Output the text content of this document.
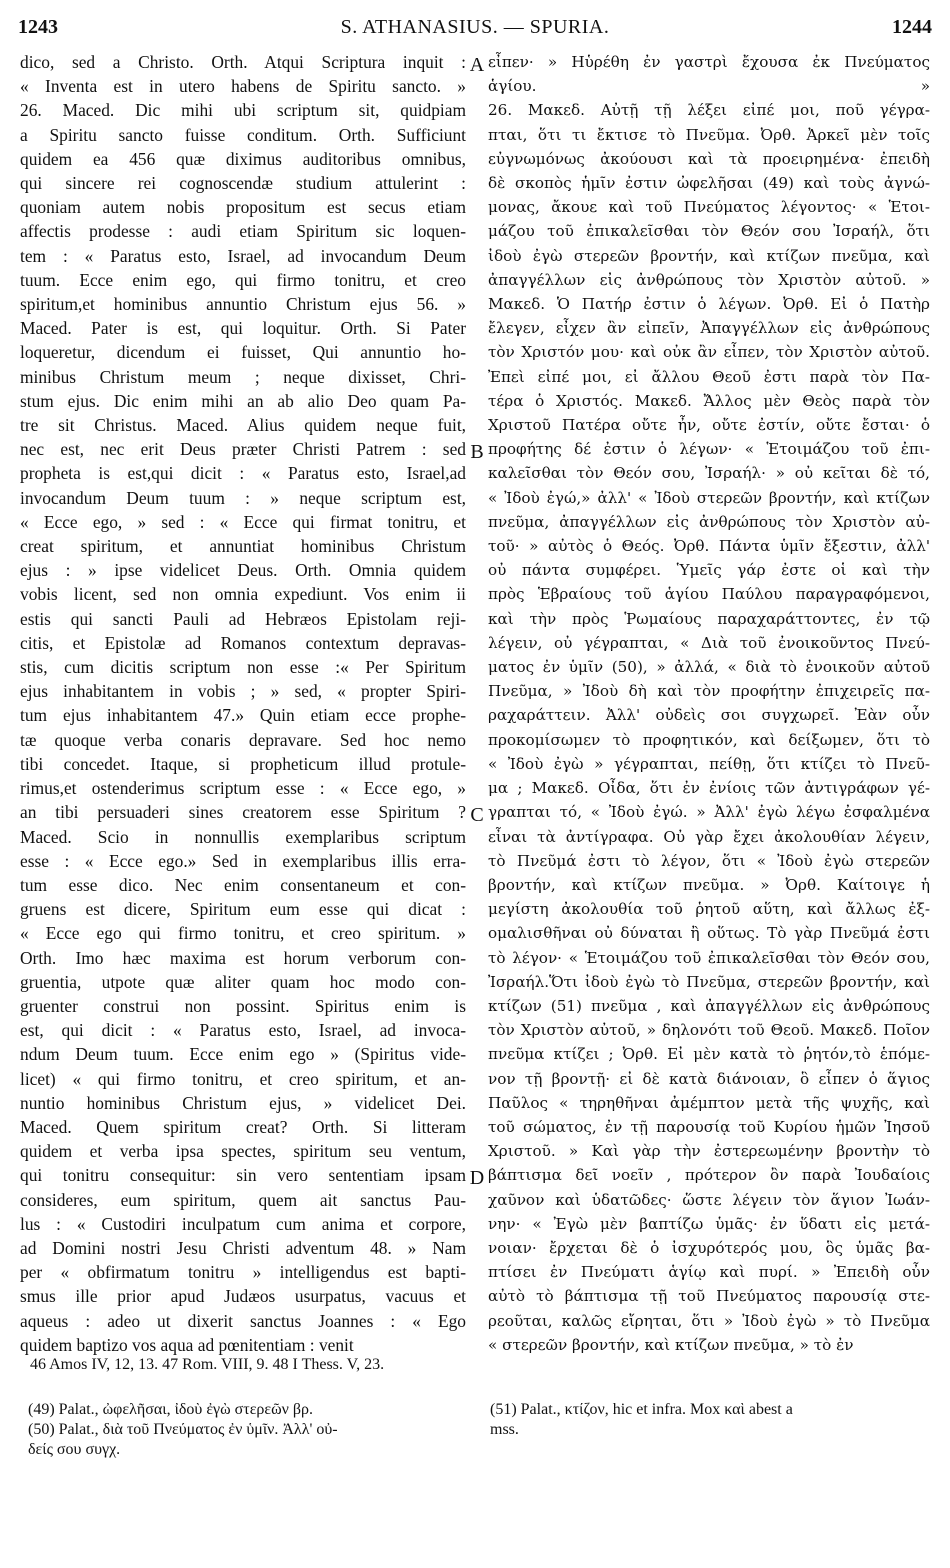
1243	S. ATHANASIUS. — SPURIA.	1244
dico, sed a Christo. Orth. Atqui Scriptura inquit :
« Inventa est in utero habens de Spiritu sancto. »
26. Maced. Dic mihi ubi scriptum sit, quidpiam
a Spiritu sancto fuisse conditum. Orth. Sufficiunt
quidem ea 456 quæ diximus auditoribus omnibus,
qui sincere rei cognoscendæ studium attulerint :
quoniam autem nobis propositum est secus etiam
affectis prodesse : audi etiam Spiritum sic loquen-
tem : « Paratus esto, Israel, ad invocandum Deum
tuum. Ecce enim ego, qui firmo tonitru, et creo
spiritum,et hominibus annuntio Christum ejus 56. »
Maced. Pater is est, qui loquitur. Orth. Si Pater
loqueretur, dicendum ei fuisset, Qui annuntio ho-
minibus Christum meum ; neque dixisset, Chri-
stum ejus. Dic enim mihi an ab alio Deo quam Pa-
tre sit Christus. Maced. Alius quidem neque fuit,
nec est, nec erit Deus præter Christi Patrem : sed
propheta is est,qui dicit : « Paratus esto, Israel,ad
invocandum Deum tuum : » neque scriptum est,
« Ecce ego, » sed : « Ecce qui firmat tonitru, et
creat spiritum, et annuntiat hominibus Christum
ejus : » ipse videlicet Deus. Orth. Omnia quidem
vobis licent, sed non omnia expediunt. Vos enim ii
estis qui sancti Pauli ad Hebræos Epistolam reji-
citis, et Epistolæ ad Romanos contextum depravas-
stis, cum dicitis scriptum non esse :« Per Spiritum
ejus inhabitantem in vobis ; » sed, « propter Spiri-
tum ejus inhabitantem 47.» Quin etiam ecce prophe-
tæ quoque verba conaris depravare. Sed hoc nemo
tibi concedet. Itaque, si propheticum illud protule-
rimus,et ostenderimus scriptum esse : « Ecce ego, »
an tibi persuaderi sines creatorem esse Spiritum ?
Maced. Scio in nonnullis exemplaribus scriptum
esse : « Ecce ego.» Sed in exemplaribus illis erra-
tum esse dico. Nec enim consentaneum et con-
gruens est dicere, Spiritum eum esse qui dicat :
« Ecce ego qui firmo tonitru, et creo spiritum. »
Orth. Imo hæc maxima est horum verborum con-
gruentia, utpote quæ aliter quam hoc modo con-
gruenter construi non possint. Spiritus enim is
est, qui dicit : « Paratus esto, Israel, ad invoca-
ndum Deum tuum. Ecce enim ego » (Spiritus vide-
licet) « qui firmo tonitru, et creo spiritum, et an-
nuntio hominibus Christum ejus, » videlicet Dei.
Maced. Quem spiritum creat? Orth. Si litteram
quidem et verba ipsa spectes, spiritum seu ventum,
qui tonitru consequitur: sin vero sententiam ipsam
consideres, eum spiritum, quem ait sanctus Pau-
lus : « Custodiri inculpatum cum anima et corpore,
ad Domini nostri Jesu Christi adventum 48. » Nam
per « obfirmatum tonitru » intelligendus est bapti-
smus ille prior apud Judæos usurpatus, vacuus et
aqueus : adeo ut dixerit sanctus Joannes : « Ego
quidem baptizo vos aqua ad pœnitentiam : venit
A
B
C
D
εἶπεν· » Ηὑρέθη ἐν γαστρὶ ἔχουσα ἐκ Πνεύματος
ἁγίου. »
26. Μακεδ. Αὐτῇ τῇ λέξει εἰπέ μοι, ποῦ γέγρα-
πται, ὅτι τι ἔκτισε τὸ Πνεῦμα. Ὀρθ. Ἀρκεῖ μὲν τοῖς
εὐγνωμόνως ἀκούουσι καὶ τὰ προειρημένα· ἐπειδὴ
δὲ σκοπὸς ἡμῖν ἐστιν ὠφελῆσαι (49) καὶ τοὺς ἀγνώ-
μονας, ἄκουε καὶ τοῦ Πνεύματος λέγοντος· « Ἑτοι-
μάζου τοῦ ἐπικαλεῖσθαι τὸν Θεόν σου Ἰσραήλ, ὅτι
ἰδοὺ ἐγὼ στερεῶν βροντήν, καὶ κτίζων πνεῦμα, καὶ
ἀπαγγέλλων εἰς ἀνθρώπους τὸν Χριστὸν αὐτοῦ. »
Μακεδ. Ὁ Πατήρ ἐστιν ὁ λέγων. Ὀρθ. Εἰ ὁ Πατὴρ
ἔλεγεν, εἶχεν ἂν εἰπεῖν, Ἀπαγγέλλων εἰς ἀνθρώπους
τὸν Χριστόν μου· καὶ οὐκ ἂν εἶπεν, τὸν Χριστὸν αὐτοῦ.
Ἐπεὶ εἰπέ μοι, εἰ ἄλλου Θεοῦ ἐστι παρὰ τὸν Πα-
τέρα ὁ Χριστός. Μακεδ. Ἄλλος μὲν Θεὸς παρὰ τὸν
Χριστοῦ Πατέρα οὔτε ἦν, οὔτε ἐστίν, οὔτε ἔσται· ὁ
προφήτης δέ ἐστιν ὁ λέγων· « Ἑτοιμάζου τοῦ ἐπι-
καλεῖσθαι τὸν Θεόν σου, Ἰσραήλ· » οὐ κεῖται δὲ τό,
« Ἰδοὺ ἐγώ,» ἀλλ' « Ἰδοὺ στερεῶν βροντήν, καὶ κτίζων
πνεῦμα, ἀπαγγέλλων εἰς ἀνθρώπους τὸν Χριστὸν αὐ-
τοῦ· » αὐτὸς ὁ Θεός. Ὀρθ. Πάντα ὑμῖν ἔξεστιν, ἀλλ'
οὐ πάντα συμφέρει. Ὑμεῖς γάρ ἐστε οἱ καὶ τὴν
πρὸς Ἑβραίους τοῦ ἁγίου Παύλου παραγραφόμενοι,
καὶ τὴν πρὸς Ῥωμαίους παραχαράττοντες, ἐν τῷ
λέγειν, οὐ γέγραπται, « Διὰ τοῦ ἐνοικοῦντος Πνεύ-
ματος ἐν ὑμῖν (50), » ἀλλά, « διὰ τὸ ἐνοικοῦν αὐτοῦ
Πνεῦμα, » Ἰδοὺ δὴ καὶ τὸν προφήτην ἐπιχειρεῖς πα-
ραχαράττειν. Ἀλλ' οὐδεὶς σοι συγχωρεῖ. Ἐὰν οὖν
προκομίσωμεν τὸ προφητικόν, καὶ δείξωμεν, ὅτι τὸ
« Ἰδοὺ ἐγὼ » γέγραπται, πείθῃ, ὅτι κτίζει τὸ Πνεῦ-
μα ; Μακεδ. Οἶδα, ὅτι ἐν ἐνίοις τῶν ἀντιγράφων γέ-
γραπται τό, « Ἰδοὺ ἐγώ. » Ἀλλ' ἐγὼ λέγω ἐσφαλμένα
εἶναι τὰ ἀντίγραφα. Οὐ γὰρ ἔχει ἀκολουθίαν λέγειν,
τὸ Πνεῦμά ἐστι τὸ λέγον, ὅτι « Ἰδοὺ ἐγὼ στερεῶν
βροντήν, καὶ κτίζων πνεῦμα. » Ὀρθ. Καίτοιγε ἡ
μεγίστη ἀκολουθία τοῦ ῥητοῦ αὕτη, καὶ ἄλλως ἐξ-
ομαλισθῆναι οὐ δύναται ἢ οὕτως. Τὸ γὰρ Πνεῦμά ἐστι
τὸ λέγον· « Ἑτοιμάζου τοῦ ἐπικαλεῖσθαι τὸν Θεόν σου,
Ἰσραήλ.Ὅτι ἰδοὺ ἐγὼ τὸ Πνεῦμα, στερεῶν βροντήν, καὶ
κτίζων (51) πνεῦμα , καὶ ἀπαγγέλλων εἰς ἀνθρώπους
τὸν Χριστὸν αὐτοῦ, » δηλονότι τοῦ Θεοῦ. Μακεδ. Ποῖον
πνεῦμα κτίζει ; Ὀρθ. Εἰ μὲν κατὰ τὸ ῥητόν,τὸ ἑπόμε-
νον τῇ βροντῇ· εἰ δὲ κατὰ διάνοιαν, ὃ εἶπεν ὁ ἅγιος
Παῦλος « τηρηθῆναι ἀμέμπτον μετὰ τῆς ψυχῆς, καὶ
τοῦ σώματος, ἐν τῇ παρουσίᾳ τοῦ Κυρίου ἡμῶν Ἰησοῦ
Χριστοῦ. » Καὶ γὰρ τὴν ἐστερεωμένην βροντὴν τὸ
βάπτισμα δεῖ νοεῖν , πρότερον ὂν παρὰ Ἰουδαίοις
χαῦνον καὶ ὑδατῶδες· ὥστε λέγειν τὸν ἅγιον Ἰωάν-
νην· « Ἐγὼ μὲν βαπτίζω ὑμᾶς· ἐν ὕδατι εἰς μετά-
νοιαν· ἔρχεται δὲ ὁ ἰσχυρότερός μου, ὃς ὑμᾶς βα-
πτίσει ἐν Πνεύματι ἁγίῳ καὶ πυρί. » Ἐπειδὴ οὖν
αὐτὸ τὸ βάπτισμα τῇ τοῦ Πνεύματος παρουσίᾳ στε-
ρεοῦται, καλῶς εἴρηται, ὅτι » Ἰδοὺ ἐγὼ » τὸ Πνεῦμα
« στερεῶν βροντήν, καὶ κτίζων πνεῦμα, » τὸ ἐν
46 Amos IV, 12, 13. 47 Rom. VIII, 9. 48 I Thess. V, 23.
(49) Palat., ὠφελῆσαι, ἰδοὺ ἐγὼ στερεῶν βρ.
(50) Palat., διὰ τοῦ Πνεύματος ἐν ὑμῖν. Ἀλλ' οὐ-
δείς σου συγχ.
(51) Palat., κτίζον, hic et infra. Mox καὶ abest a
mss.
